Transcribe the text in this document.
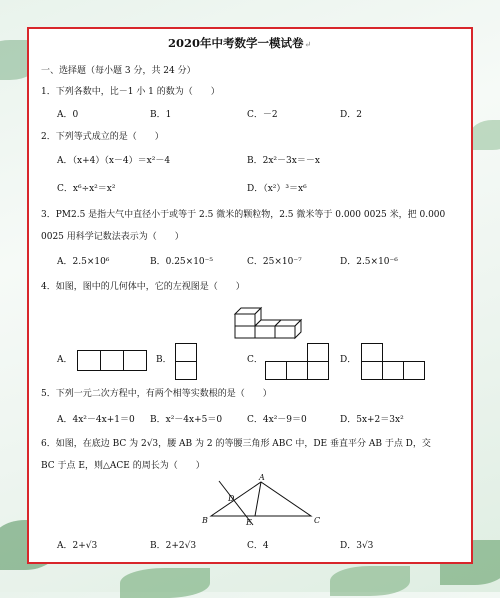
2020年中考数学一模试卷↵
一、选择题（每小题 3 分，共 24 分）
1．下列各数中，比－1 小 1 的数为（　　）
A．0	B．1	C．－2	D．2
2．下列等式成立的是（　　）
A．（x+4）（x－4）＝x²－4	B．2x²－3x＝－x
C．x⁶÷x²＝x²	D．（x²）³＝x⁶
3．PM2.5 是指大气中直径小于或等于 2.5 微米的颗粒物，2.5 微米等于 0.000 0025 米，把 0.000
0025 用科学记数法表示为（　　）
A．2.5×10⁶	B．0.25×10⁻⁵	C．25×10⁻⁷	D．2.5×10⁻⁶
4．如图，图中的几何体中，它的左视图是（　　）
A．	B．	C．	D．
5．下列一元二次方程中，有两个相等实数根的是（　　）
A．4x²－4x+1＝0 B．x²－4x+5＝0	C．4x²－9＝0	D．5x+2＝3x²
6．如图，在底边 BC 为 2√3，腰 AB 为 2 的等腰三角形 ABC 中，DE 垂直平分 AB 于点 D，交
BC 于点 E，则△ACE 的周长为（　　）
A
B	C
D
E
A．2+√3	B．2+2√3	C．4	D．3√3
